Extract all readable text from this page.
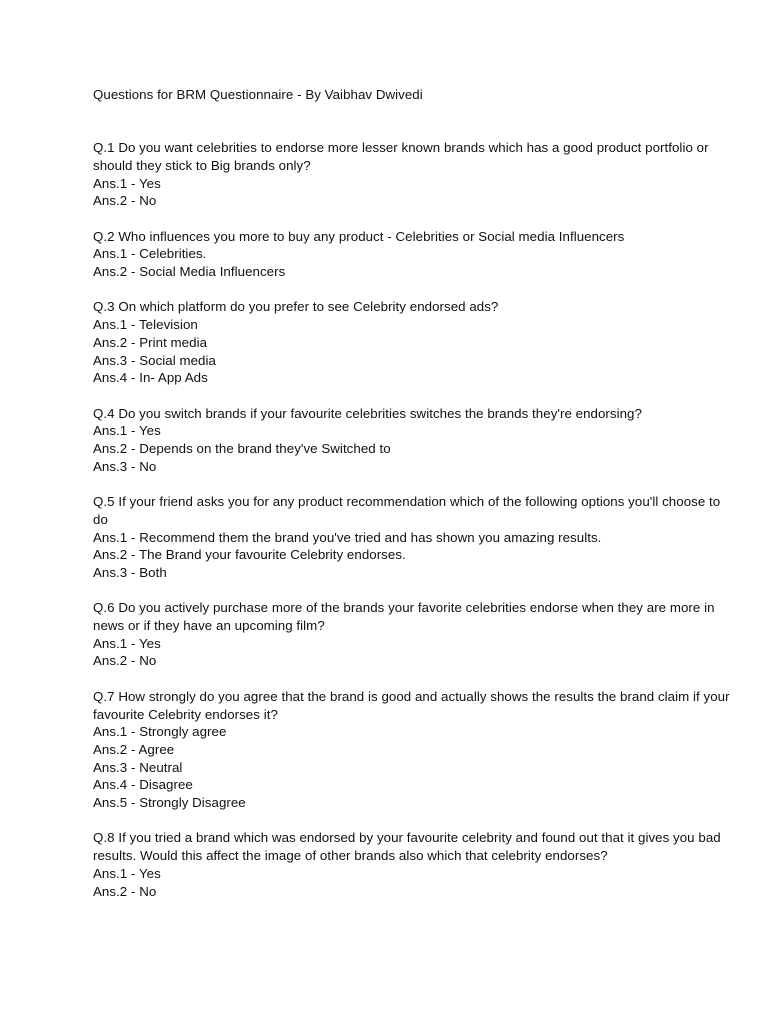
Questions for BRM Questionnaire - By Vaibhav Dwivedi
Q.1 Do you want celebrities to endorse more lesser known brands which has a good product portfolio or should they stick to Big brands only?
Ans.1 - Yes
Ans.2 - No
Q.2 Who influences you more to buy any product - Celebrities or Social media Influencers
Ans.1 - Celebrities.
Ans.2 - Social Media Influencers
Q.3 On which platform do you prefer to see Celebrity endorsed ads?
Ans.1 - Television
Ans.2 - Print media
Ans.3 - Social media
Ans.4 - In- App Ads
Q.4 Do you switch brands if your favourite celebrities switches the brands they're endorsing?
Ans.1 - Yes
Ans.2 - Depends on the brand they've Switched to
Ans.3 - No
Q.5 If your friend asks you for any product recommendation which of the following options you'll choose to do
Ans.1 - Recommend them the brand you've tried and has shown you amazing results.
Ans.2 - The Brand your favourite Celebrity endorses.
Ans.3 - Both
Q.6 Do you actively purchase more of the brands your favorite celebrities endorse when they are more in news or if they have an upcoming film?
Ans.1 - Yes
Ans.2 - No
Q.7 How strongly do you agree that the brand is good and actually shows the results the brand claim if your favourite Celebrity endorses it?
Ans.1 - Strongly agree
Ans.2 - Agree
Ans.3 - Neutral
Ans.4 - Disagree
Ans.5 - Strongly Disagree
Q.8 If you tried a brand which was endorsed by your favourite celebrity and found out that it gives you bad results. Would this affect the image of other brands also which that celebrity endorses?
Ans.1 - Yes
Ans.2 - No
